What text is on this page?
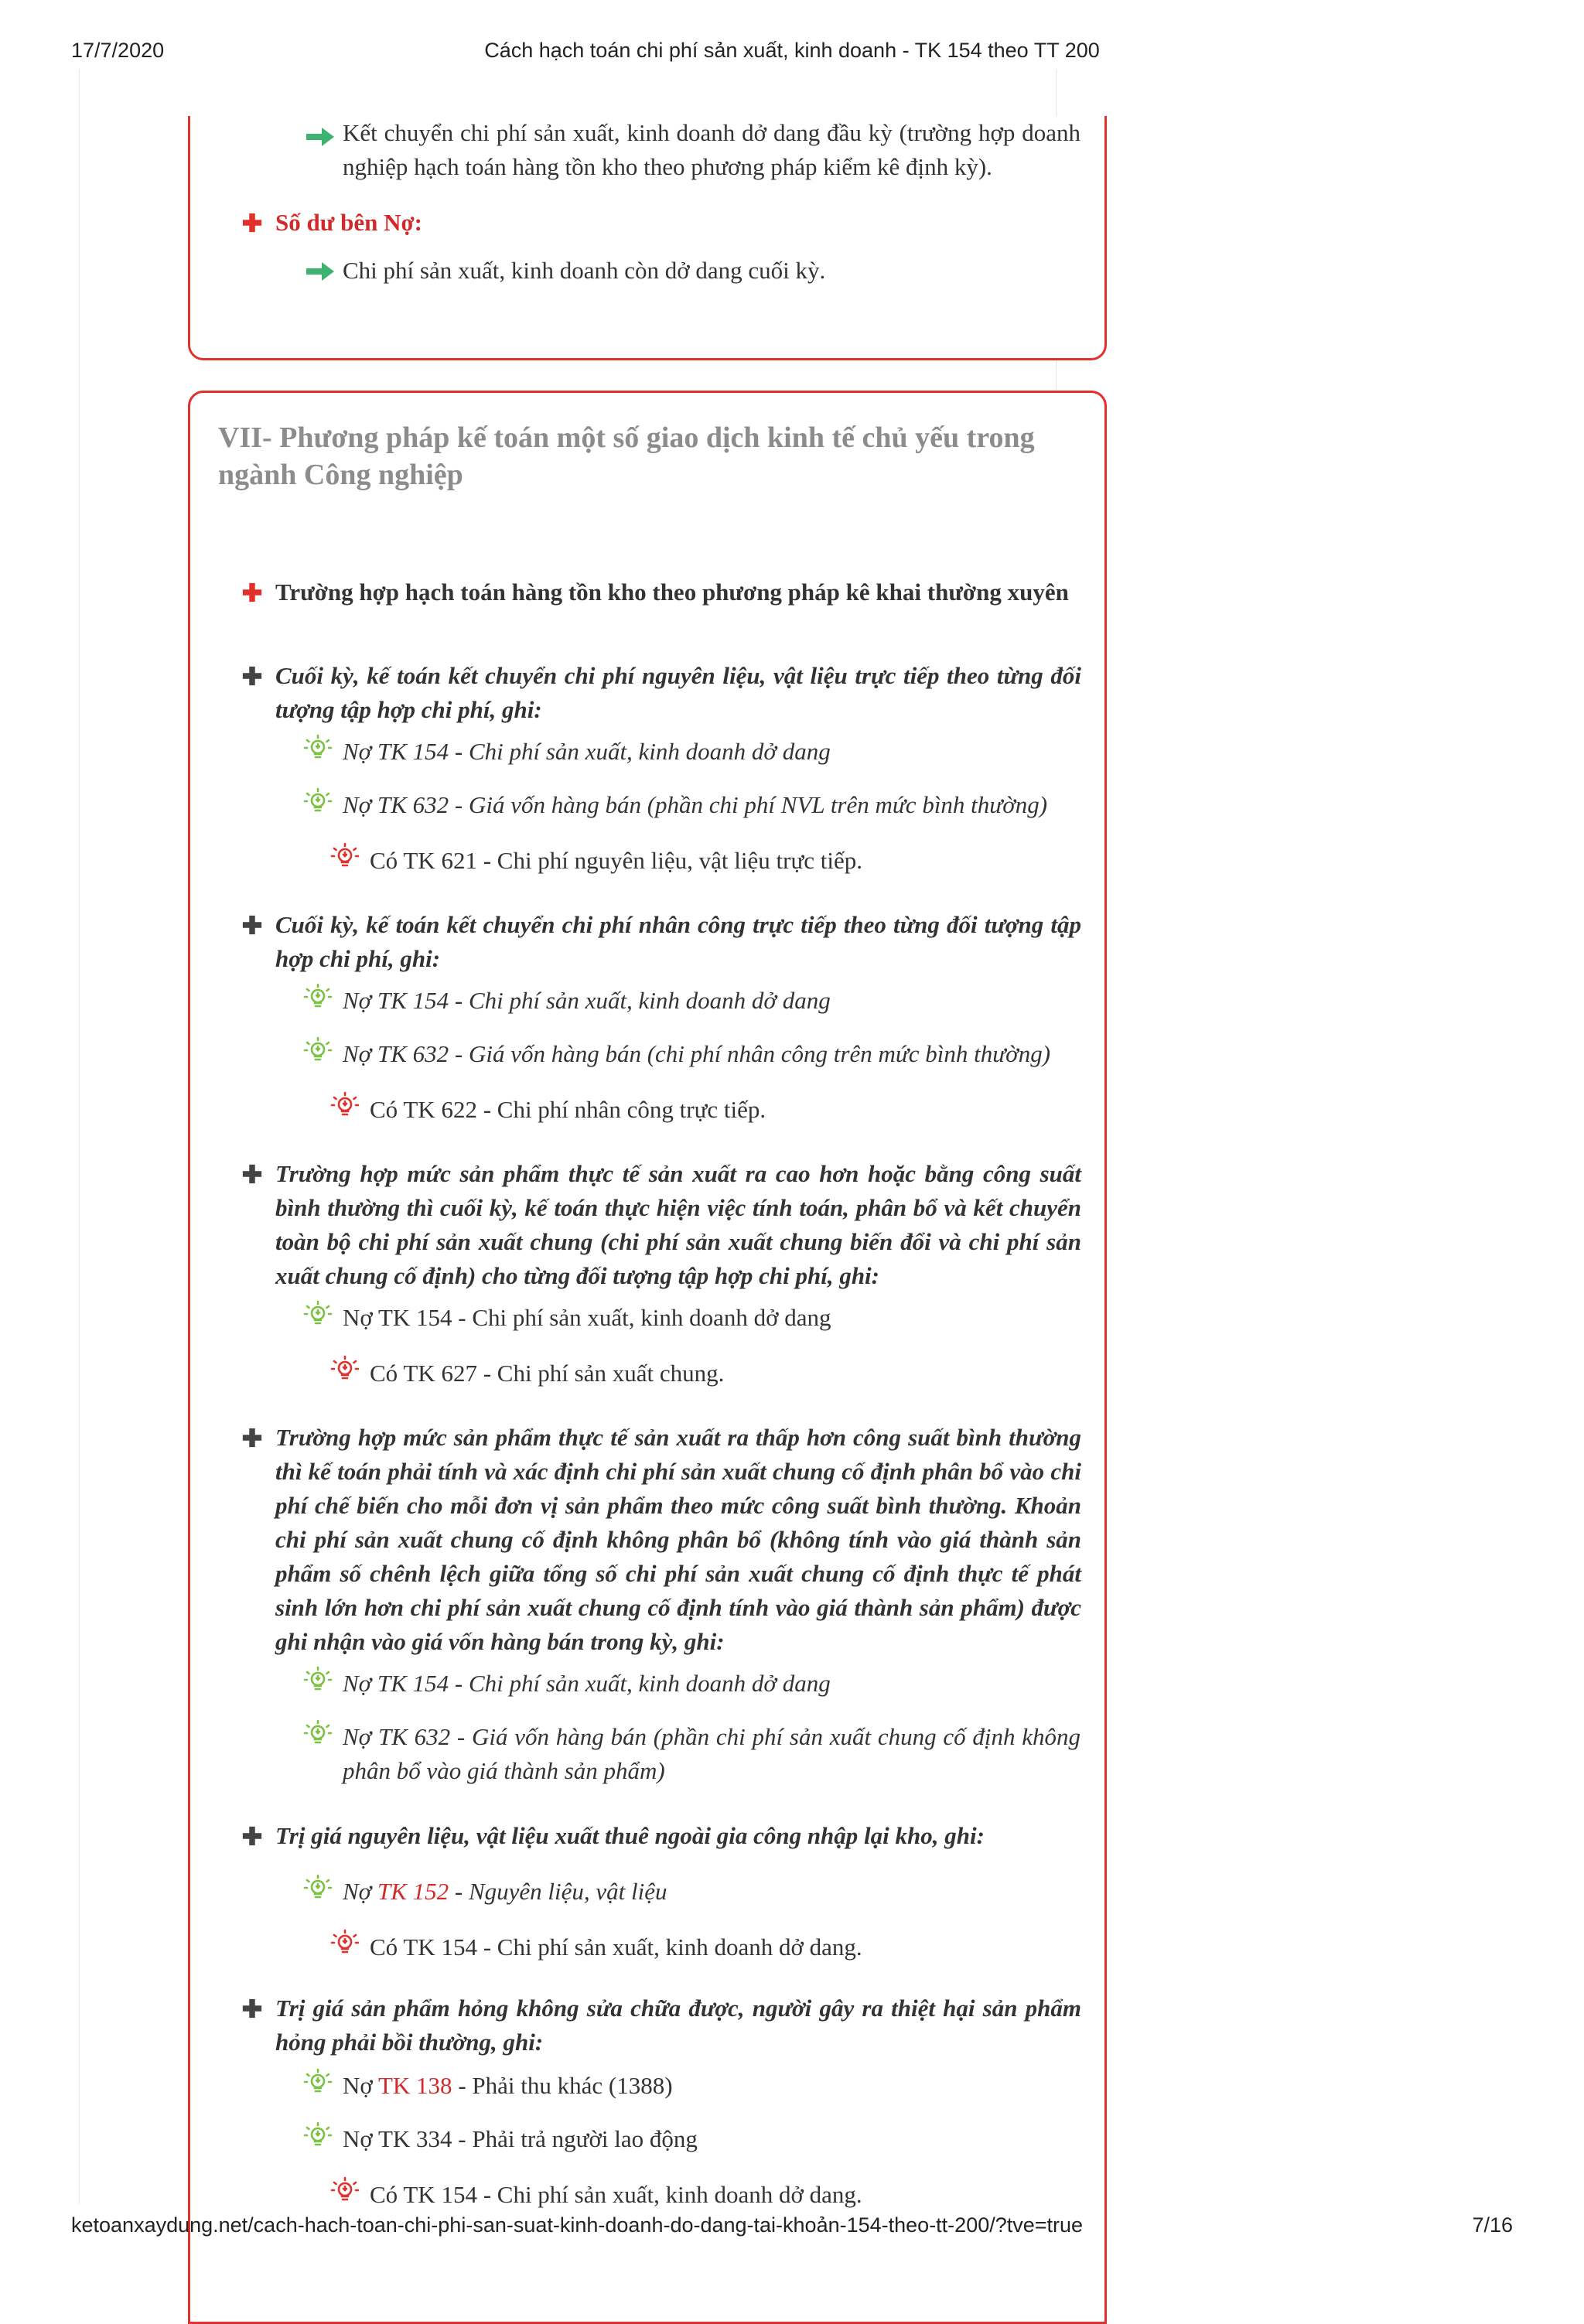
17/7/2020	Cách hạch toán chi phí sản xuất, kinh doanh - TK 154 theo TT 200
Kết chuyển chi phí sản xuất, kinh doanh dở dang đầu kỳ (trường hợp doanh nghiệp hạch toán hàng tồn kho theo phương pháp kiểm kê định kỳ).
Số dư bên Nợ:
Chi phí sản xuất, kinh doanh còn dở dang cuối kỳ.
VII- Phương pháp kế toán một số giao dịch kinh tế chủ yếu trong ngành Công nghiệp
Trường hợp hạch toán hàng tồn kho theo phương pháp kê khai thường xuyên
Cuối kỳ, kế toán kết chuyển chi phí nguyên liệu, vật liệu trực tiếp theo từng đối tượng tập hợp chi phí, ghi:
Nợ TK 154 - Chi phí sản xuất, kinh doanh dở dang
Nợ TK 632 - Giá vốn hàng bán (phần chi phí NVL trên mức bình thường)
Có TK 621 - Chi phí nguyên liệu, vật liệu trực tiếp.
Cuối kỳ, kế toán kết chuyển chi phí nhân công trực tiếp theo từng đối tượng tập hợp chi phí, ghi:
Nợ TK 154 - Chi phí sản xuất, kinh doanh dở dang
Nợ TK 632 - Giá vốn hàng bán (chi phí nhân công trên mức bình thường)
Có TK 622 - Chi phí nhân công trực tiếp.
Trường hợp mức sản phẩm thực tế sản xuất ra cao hơn hoặc bằng công suất bình thường thì cuối kỳ, kế toán thực hiện việc tính toán, phân bổ và kết chuyển toàn bộ chi phí sản xuất chung (chi phí sản xuất chung biến đổi và chi phí sản xuất chung cố định) cho từng đối tượng tập hợp chi phí, ghi:
Nợ TK 154 - Chi phí sản xuất, kinh doanh dở dang
Có TK 627 - Chi phí sản xuất chung.
Trường hợp mức sản phẩm thực tế sản xuất ra thấp hơn công suất bình thường thì kế toán phải tính và xác định chi phí sản xuất chung cố định phân bổ vào chi phí chế biến cho mỗi đơn vị sản phẩm theo mức công suất bình thường. Khoản chi phí sản xuất chung cố định không phân bổ (không tính vào giá thành sản phẩm số chênh lệch giữa tổng số chi phí sản xuất chung cố định thực tế phát sinh lớn hơn chi phí sản xuất chung cố định tính vào giá thành sản phẩm) được ghi nhận vào giá vốn hàng bán trong kỳ, ghi:
Nợ TK 154 - Chi phí sản xuất, kinh doanh dở dang
Nợ TK 632 - Giá vốn hàng bán (phần chi phí sản xuất chung cố định không phân bổ vào giá thành sản phẩm)
Trị giá nguyên liệu, vật liệu xuất thuê ngoài gia công nhập lại kho, ghi:
Nợ TK 152 - Nguyên liệu, vật liệu
Có TK 154 - Chi phí sản xuất, kinh doanh dở dang.
Trị giá sản phẩm hỏng không sửa chữa được, người gây ra thiệt hại sản phẩm hỏng phải bồi thường, ghi:
Nợ TK 138 - Phải thu khác (1388)
Nợ TK 334 - Phải trả người lao động
Có TK 154 - Chi phí sản xuất, kinh doanh dở dang.
ketoanxaydung.net/cach-hach-toan-chi-phi-san-suat-kinh-doanh-do-dang-tai-khoản-154-theo-tt-200/?tve=true	7/16
